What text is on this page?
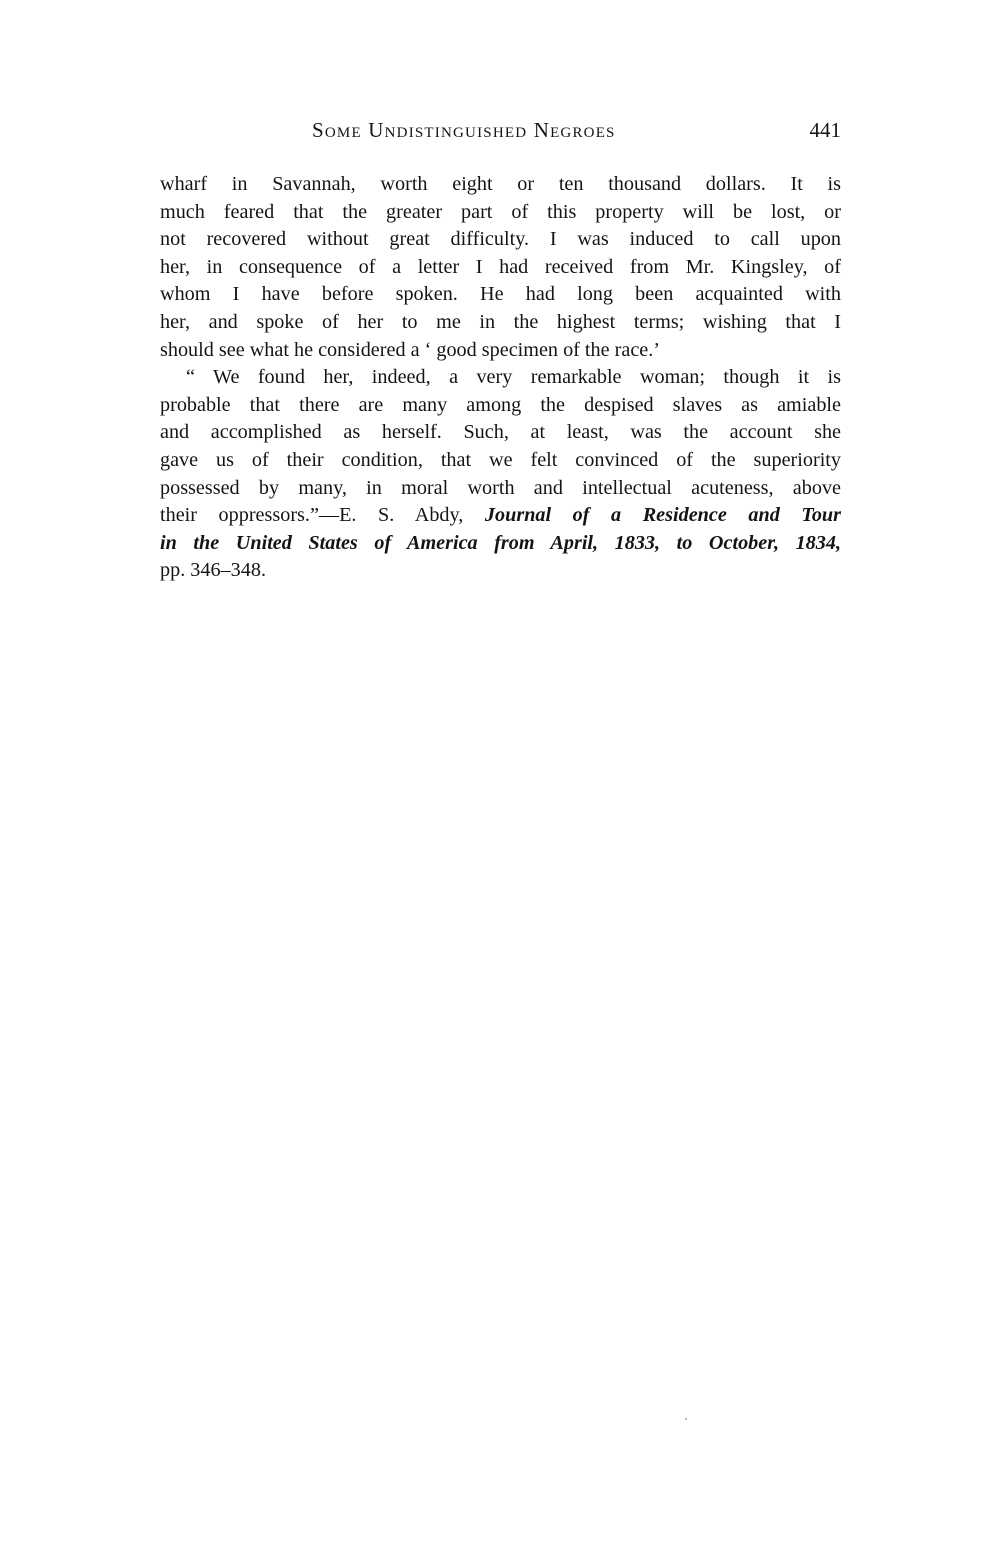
Some Undistinguished Negroes	441
wharf in Savannah, worth eight or ten thousand dollars. It is
much feared that the greater part of this property will be lost, or
not recovered without great difficulty. I was induced to call upon
her, in consequence of a letter I had received from Mr. Kingsley, of
whom I have before spoken. He had long been acquainted with
her, and spoke of her to me in the highest terms; wishing that I
should see what he considered a ‘ good specimen of the race.’
“ We found her, indeed, a very remarkable woman; though it is
probable that there are many among the despised slaves as amiable
and accomplished as herself. Such, at least, was the account she
gave us of their condition, that we felt convinced of the superiority
possessed by many, in moral worth and intellectual acuteness, above
their oppressors.”—E. S. Abdy, Journal of a Residence and Tour
in the United States of America from April, 1833, to October, 1834,
pp. 346–348.
